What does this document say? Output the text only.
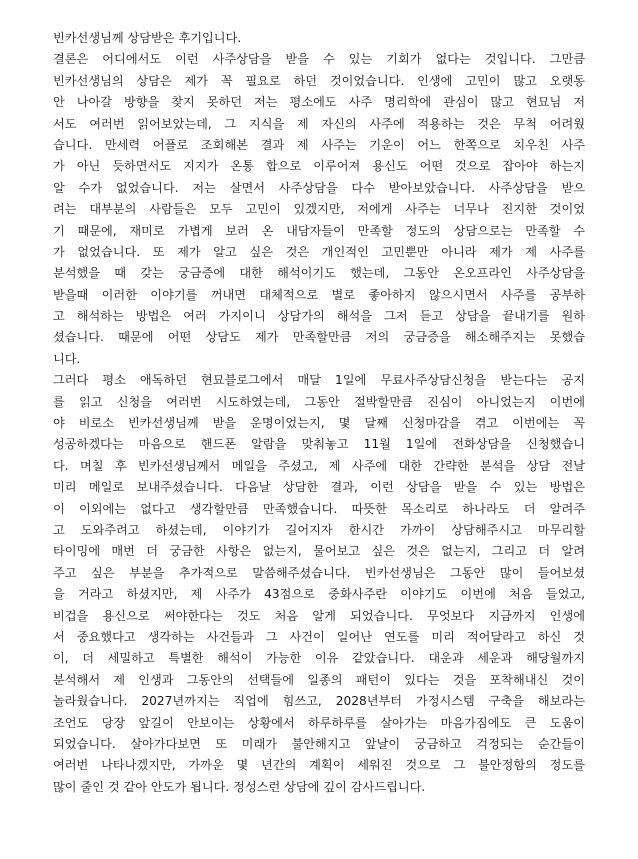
빈카선생님께 상담받은 후기입니다.
결론은 어디에서도 이런 사주상담을 받을 수 있는 기회가 없다는 것입니다. 그만큼
빈카선생님의 상담은 제가 꼭 필요로 하던 것이었습니다. 인생에 고민이 많고 오랫동
안 나아갈 방향을 찾지 못하던 저는 평소에도 사주 명리학에 관심이 많고 현묘님 저
서도 여러번 읽어보았는데, 그 지식을 제 자신의 사주에 적용하는 것은 무척 어려웠
습니다. 만세력 어플로 조회해본 결과 제 사주는 기운이 어느 한쪽으로 치우친 사주
가 아닌 듯하면서도 지지가 온통 합으로 이루어져 용신도 어떤 것으로 잡아야 하는지
알 수가 없었습니다. 저는 살면서 사주상담을 다수 받아보았습니다. 사주상담을 받으
려는 대부분의 사람들은 모두 고민이 있겠지만, 저에게 사주는 너무나 진지한 것이었
기 때문에, 재미로 가볍게 보러 온 내담자들이 만족할 정도의 상담으로는 만족할 수
가 없었습니다. 또 제가 알고 싶은 것은 개인적인 고민뿐만 아니라 제가 제 사주를
분석했을 때 갖는 궁금증에 대한 해석이기도 했는데, 그동안 온오프라인 사주상담을
받을때 이러한 이야기를 꺼내면 대체적으로 별로 좋아하지 않으시면서 사주를 공부하
고 해석하는 방법은 여러 가지이니 상담가의 해석을 그저 듣고 상담을 끝내기를 원하
셨습니다. 때문에 어떤 상담도 제가 만족할만큼 저의 궁금증을 해소해주지는 못했습
니다.
그러다 평소 애독하던 현묘블로그에서 매달 1일에 무료사주상담신청을 받는다는 공지
를 읽고 신청을 여러번 시도하였는데, 그동안 절박할만큼 진심이 아니었는지 이번에
야 비로소 빈카선생님께 받을 운명이었는지, 몇 달째 신청마감을 겪고 이번에는 꼭
성공하겠다는 마음으로 핸드폰 알람을 맞춰놓고 11월 1일에 전화상담을 신청했습니
다. 며칠 후 빈카선생님께서 메일을 주셨고, 제 사주에 대한 간략한 분석을 상담 전날
미리 메일로 보내주셨습니다. 다음날 상담한 결과, 이런 상담을 받을 수 있는 방법은
이 이외에는 없다고 생각할만큼 만족했습니다. 따뜻한 목소리로 하나라도 더 알려주
고 도와주려고 하셨는데, 이야기가 길어지자 한시간 가까이 상담해주시고 마무리할
타이밍에 매번 더 궁금한 사항은 없는지, 물어보고 싶은 것은 없는지, 그리고 더 알려
주고 싶은 부분을 추가적으로 말씀해주셨습니다. 빈카선생님은 그동안 많이 들어보셨
을 거라고 하셨지만, 제 사주가 43점으로 중화사주란 이야기도 이번에 처음 들었고,
비겁을 용신으로 써야한다는 것도 처음 알게 되었습니다. 무엇보다 지금까지 인생에
서 중요했다고 생각하는 사건들과 그 사건이 일어난 연도를 미리 적어달라고 하신 것
이, 더 세밀하고 특별한 해석이 가능한 이유 같았습니다. 대운과 세운과 해당월까지
분석해서 제 인생과 그동안의 선택들에 일종의 패턴이 있다는 것을 포착해내신 것이
놀라웠습니다. 2027년까지는 직업에 힘쓰고, 2028년부터 가정시스템 구축을 해보라는
조언도 당장 앞길이 안보이는 상황에서 하루하루를 살아가는 마음가짐에도 큰 도움이
되었습니다. 살아가다보면 또 미래가 불안해지고 앞날이 궁금하고 걱정되는 순간들이
여러번 나타나겠지만, 가까운 몇 년간의 계획이 세워진 것으로 그 불안정함의 정도를
많이 줄인 것 같아 안도가 됩니다. 정성스런 상담에 깊이 감사드립니다.
